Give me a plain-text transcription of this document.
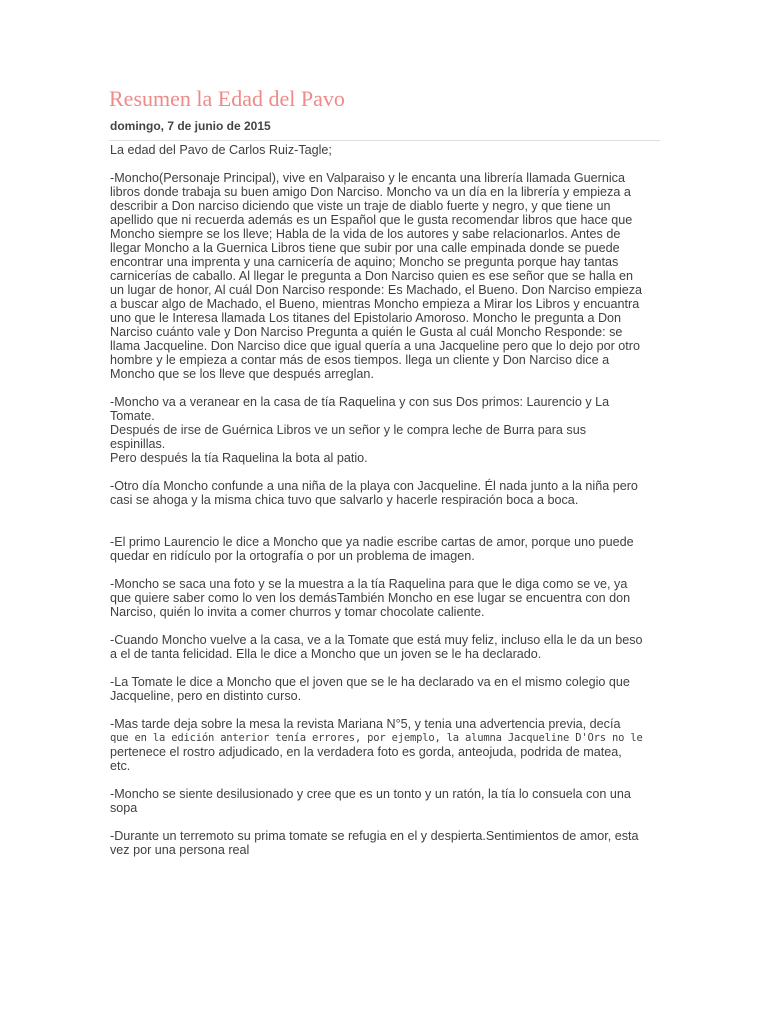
Resumen la Edad del Pavo
domingo, 7 de junio de 2015
La edad del Pavo de Carlos Ruiz-Tagle;
-Moncho(Personaje Principal), vive en Valparaiso y le encanta una librería llamada Guernica
libros donde trabaja su buen amigo Don Narciso. Moncho va un día en la librería y empieza a
describir a Don narciso diciendo que viste un traje de diablo fuerte y negro, y que tiene un
apellido que ni recuerda además es un Español que le gusta recomendar libros que hace que
Moncho siempre se los lleve; Habla de la vida de los autores y sabe relacionarlos. Antes de
llegar Moncho a la Guernica Libros tiene que subir por una calle empinada donde se puede
encontrar una imprenta y una carnicería de aquino; Moncho se pregunta porque hay tantas
carnicerías de caballo. Al llegar le pregunta a Don Narciso quien es ese señor que se halla en
un lugar de honor, Al cuál Don Narciso responde: Es Machado, el Bueno. Don Narciso empieza
a buscar algo de Machado, el Bueno, mientras Moncho empieza a Mirar los Libros y encuantra
uno que le Interesa llamada Los titanes del Epistolario Amoroso. Moncho le pregunta a Don
Narciso cuánto vale y Don Narciso Pregunta a quién le Gusta al cuál Moncho Responde: se
llama Jacqueline. Don Narciso dice que igual quería a una Jacqueline pero que lo dejo por otro
hombre y le empieza a contar más de esos tiempos. llega un cliente y Don Narciso dice a
Moncho que se los lleve que después arreglan.
-Moncho va a veranear en la casa de tía Raquelina y con sus Dos primos: Laurencio y La
Tomate.
Después de irse de Guérnica Libros ve un señor y le compra leche de Burra para sus
espinillas.
Pero después la tía Raquelina la bota al patio.
-Otro día Moncho confunde a una niña de la playa con Jacqueline. Él nada junto a la niña pero
casi se ahoga y la misma chica tuvo que salvarlo y hacerle respiración boca a boca.
-El primo Laurencio le dice a Moncho que ya nadie escribe cartas de amor, porque uno puede
quedar en ridículo por la ortografía o por un problema de imagen.
-Moncho se saca una foto y se la muestra a la tía Raquelina para que le diga como se ve, ya
que quiere saber como lo ven los demásTambién Moncho en ese lugar se encuentra con don
Narciso, quién lo invita a comer churros y tomar chocolate caliente.
-Cuando Moncho vuelve a la casa, ve a la Tomate que está muy feliz, incluso ella le da un beso
a el de tanta felicidad. Ella le dice a Moncho que un joven se le ha declarado.
-La Tomate le dice a Moncho que el joven que se le ha declarado va en el mismo colegio que
Jacqueline, pero en distinto curso.
-Mas tarde deja sobre la mesa la revista Mariana N°5, y tenia una advertencia previa, decía
que en la edición anterior tenía errores, por ejemplo, la alumna Jacqueline D'Ors no le
pertenece el rostro adjudicado, en la verdadera foto es gorda, anteojuda, podrida de matea,
etc.
-Moncho se siente desilusionado y cree que es un tonto y un ratón, la tía lo consuela con una
sopa
-Durante un terremoto su prima tomate se refugia en el y despierta.Sentimientos de amor, esta
vez por una persona real
